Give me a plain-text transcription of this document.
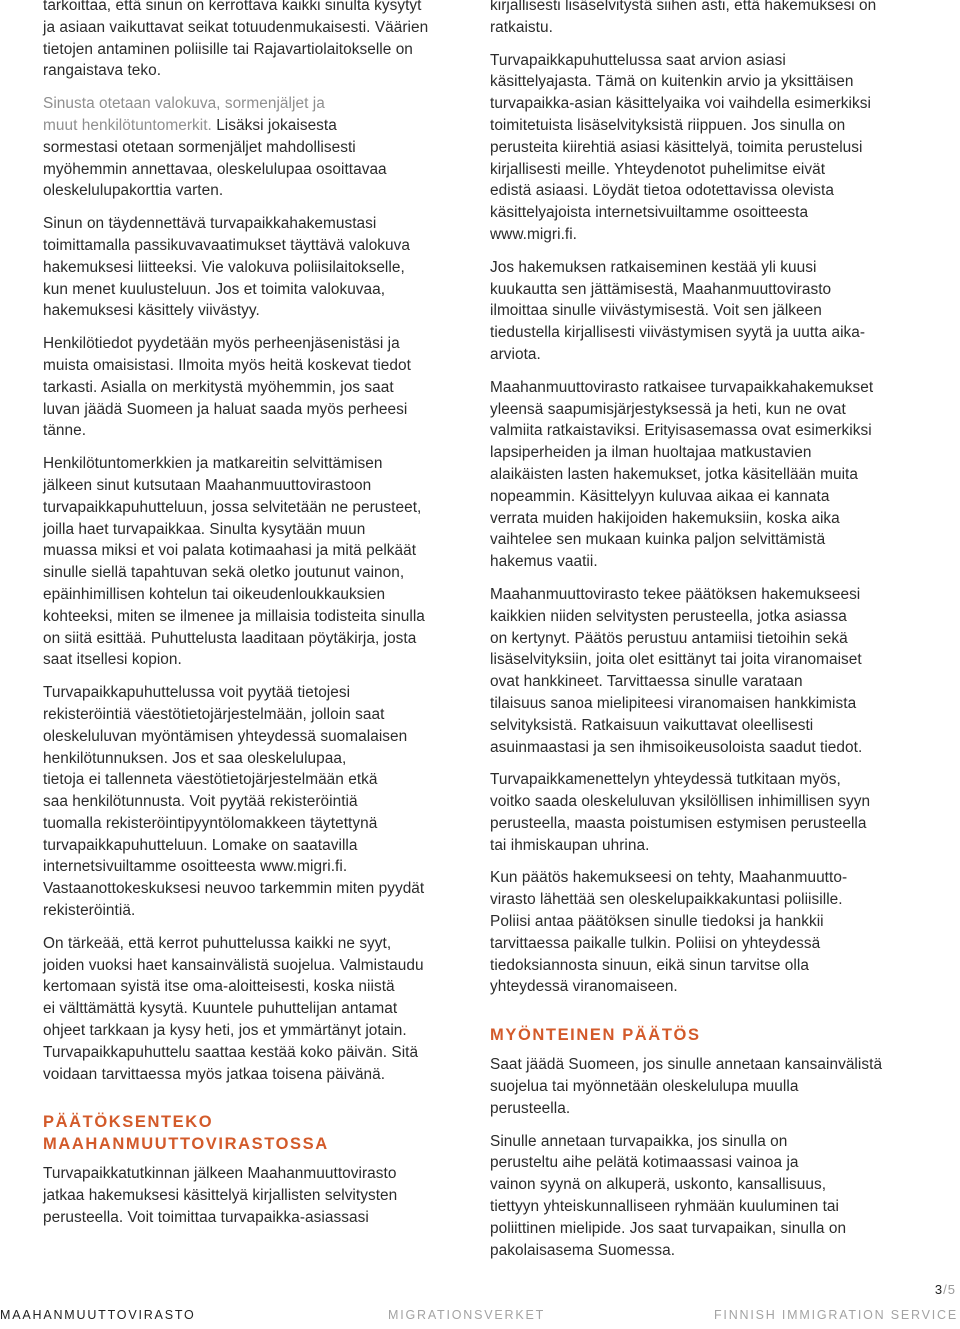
tarkoittaa, että sinun on kerrottava kaikki sinulta kysytyt
ja asiaan vaikuttavat seikat totuudenmukaisesti. Väärien
tietojen antaminen poliisille tai Rajavartiolaitokselle on
rangaistava teko.

Sinusta otetaan valokuva, sormenjäljet ja
muut henkilötuntomerkit. Lisäksi jokaisesta
sormestasi otetaan sormenjäljet mahdollisesti
myöhemmin annettavaa, oleskelulupaa osoittavaa
oleskelulupakorttia varten.

Sinun on täydennettävä turvapaikkahakemustasi
toimittamalla passikuvavaatimukset täyttävä valokuva
hakemuksesi liitteeksi. Vie valokuva poliisilaitokselle,
kun menet kuulusteluun. Jos et toimita valokuvaa,
hakemuksesi käsittely viivästyy.

Henkilötiedot pyydetään myös perheenjäsenistäsi ja
muista omaisistasi. Ilmoita myös heitä koskevat tiedot
tarkasti. Asialla on merkitystä myöhemmin, jos saat
luvan jäädä Suomeen ja haluat saada myös perheesi
tänne.

Henkilötuntomerkkien ja matkareitin selvittämisen
jälkeen sinut kutsutaan Maahanmuuttovirastoon
turvapaikkapuhutteluun, jossa selvitetään ne perusteet,
joilla haet turvapaikkaa. Sinulta kysytään muun
muassa miksi et voi palata kotimaahasi ja mitä pelkäät
sinulle siellä tapahtuvan sekä oletko joutunut vainon,
epäinhimillisen kohtelun tai oikeudenloukkauksien
kohteeksi, miten se ilmenee ja millaisia todisteita sinulla
on siitä esittää. Puhuttelusta laaditaan pöytäkirja, josta
saat itsellesi kopion.

Turvapaikkapuhuttelussa voit pyytää tietojesi
rekisteröintiä väestötietojärjestelmään, jolloin saat
oleskeluluvan myöntämisen yhteydessä suomalaisen
henkilötunnuksen. Jos et saa oleskelulupaa,
tietoja ei tallenneta väestötietojärjestelmään etkä
saa henkilötunnusta. Voit pyytää rekisteröintiä
tuomalla rekisteröintipyyntölomakkeen täytettynä
turvapaikkapuhutteluun. Lomake on saatavilla
internetsivuiltamme osoitteesta www.migri.fi.
Vastaanottokeskuksesi neuvoo tarkemmin miten pyydät
rekisteröintiä.

On tärkeää, että kerrot puhuttelussa kaikki ne syyt,
joiden vuoksi haet kansainvälistä suojelua. Valmistaudu
kertomaan syistä itse oma-aloitteisesti, koska niistä
ei välttämättä kysytä. Kuuntele puhuttelijan antamat
ohjeet tarkkaan ja kysy heti, jos et ymmärtänyt jotain.
Turvapaikkapuhuttelu saattaa kestää koko päivän. Sitä
voidaan tarvittaessa myös jatkaa toisena päivänä.

PÄÄTÖKSENTEKO
MAAHANMUUTTOVIRASTOSSA

Turvapaikkatutkinnan jälkeen Maahanmuuttovirasto
jatkaa hakemuksesi käsittelyä kirjallisten selvitysten
perusteella. Voit toimittaa turvapaikka-asiassasi

kirjallisesti lisäselvitystä siihen asti, että hakemuksesi on
ratkaistu.

Turvapaikkapuhuttelussa saat arvion asiasi
käsittelyajasta. Tämä on kuitenkin arvio ja yksittäisen
turvapaikka-asian käsittelyaika voi vaihdella esimerkiksi
toimitetuista lisäselvityksistä riippuen. Jos sinulla on
perusteita kiirehtiä asiasi käsittelyä, toimita perustelusi
kirjallisesti meille. Yhteydenotot puhelimitse eivät
edistä asiaasi. Löydät tietoa odotettavissa olevista
käsittelyajoista internetsivuiltamme osoitteesta
www.migri.fi.

Jos hakemuksen ratkaiseminen kestää yli kuusi
kuukautta sen jättämisestä, Maahanmuuttovirasto
ilmoittaa sinulle viivästymisestä. Voit sen jälkeen
tiedustella kirjallisesti viivästymisen syytä ja uutta aika-
arviota.

Maahanmuuttovirasto ratkaisee turvapaikkahakemukset
yleensä saapumisjärjestyksessä ja heti, kun ne ovat
valmiita ratkaistaviksi. Erityisasemassa ovat esimerkiksi
lapsiperheiden ja ilman huoltajaa matkustavien
alaikäisten lasten hakemukset, jotka käsitellään muita
nopeammin. Käsittelyyn kuluvaa aikaa ei kannata
verrata muiden hakijoiden hakemuksiin, koska aika
vaihtelee sen mukaan kuinka paljon selvittämistä
hakemus vaatii.

Maahanmuuttovirasto tekee päätöksen hakemukseesi
kaikkien niiden selvitysten perusteella, jotka asiassa
on kertynyt. Päätös perustuu antamiisi tietoihin sekä
lisäselvityksiin, joita olet esittänyt tai joita viranomaiset
ovat hankkineet. Tarvittaessa sinulle varataan
tilaisuus sanoa mielipiteesi viranomaisen hankkimista
selvityksistä. Ratkaisuun vaikuttavat oleellisesti
asuinmaastasi ja sen ihmisoikeusoloista saadut tiedot.

Turvapaikkamenettelyn yhteydessä tutkitaan myös,
voitko saada oleskeluluvan yksilöllisen inhimillisen syyn
perusteella, maasta poistumisen estymisen perusteella
tai ihmiskaupan uhrina.

Kun päätös hakemukseesi on tehty, Maahanmuutto-
virasto lähettää sen oleskelupaikkakuntasi poliisille.
Poliisi antaa päätöksen sinulle tiedoksi ja hankkii
tarvittaessa paikalle tulkin. Poliisi on yhteydessä
tiedoksiannosta sinuun, eikä sinun tarvitse olla
yhteydessä viranomaiseen.

MYÖNTEINEN PÄÄTÖS

Saat jäädä Suomeen, jos sinulle annetaan kansainvälistä
suojelua tai myönnetään oleskelulupa muulla
perusteella.

Sinulle annetaan turvapaikka, jos sinulla on
perusteltu aihe pelätä kotimaassasi vainoa ja
vainon syynä on alkuperä, uskonto, kansallisuus,
tiettyyn yhteiskunnalliseen ryhmään kuuluminen tai
poliittinen mielipide. Jos saat turvapaikan, sinulla on
pakolaisasema Suomessa.

3/5
MAAHANMUUTTOVIRASTO	MIGRATIONSVERKET	FINNISH IMMIGRATION SERVICE
